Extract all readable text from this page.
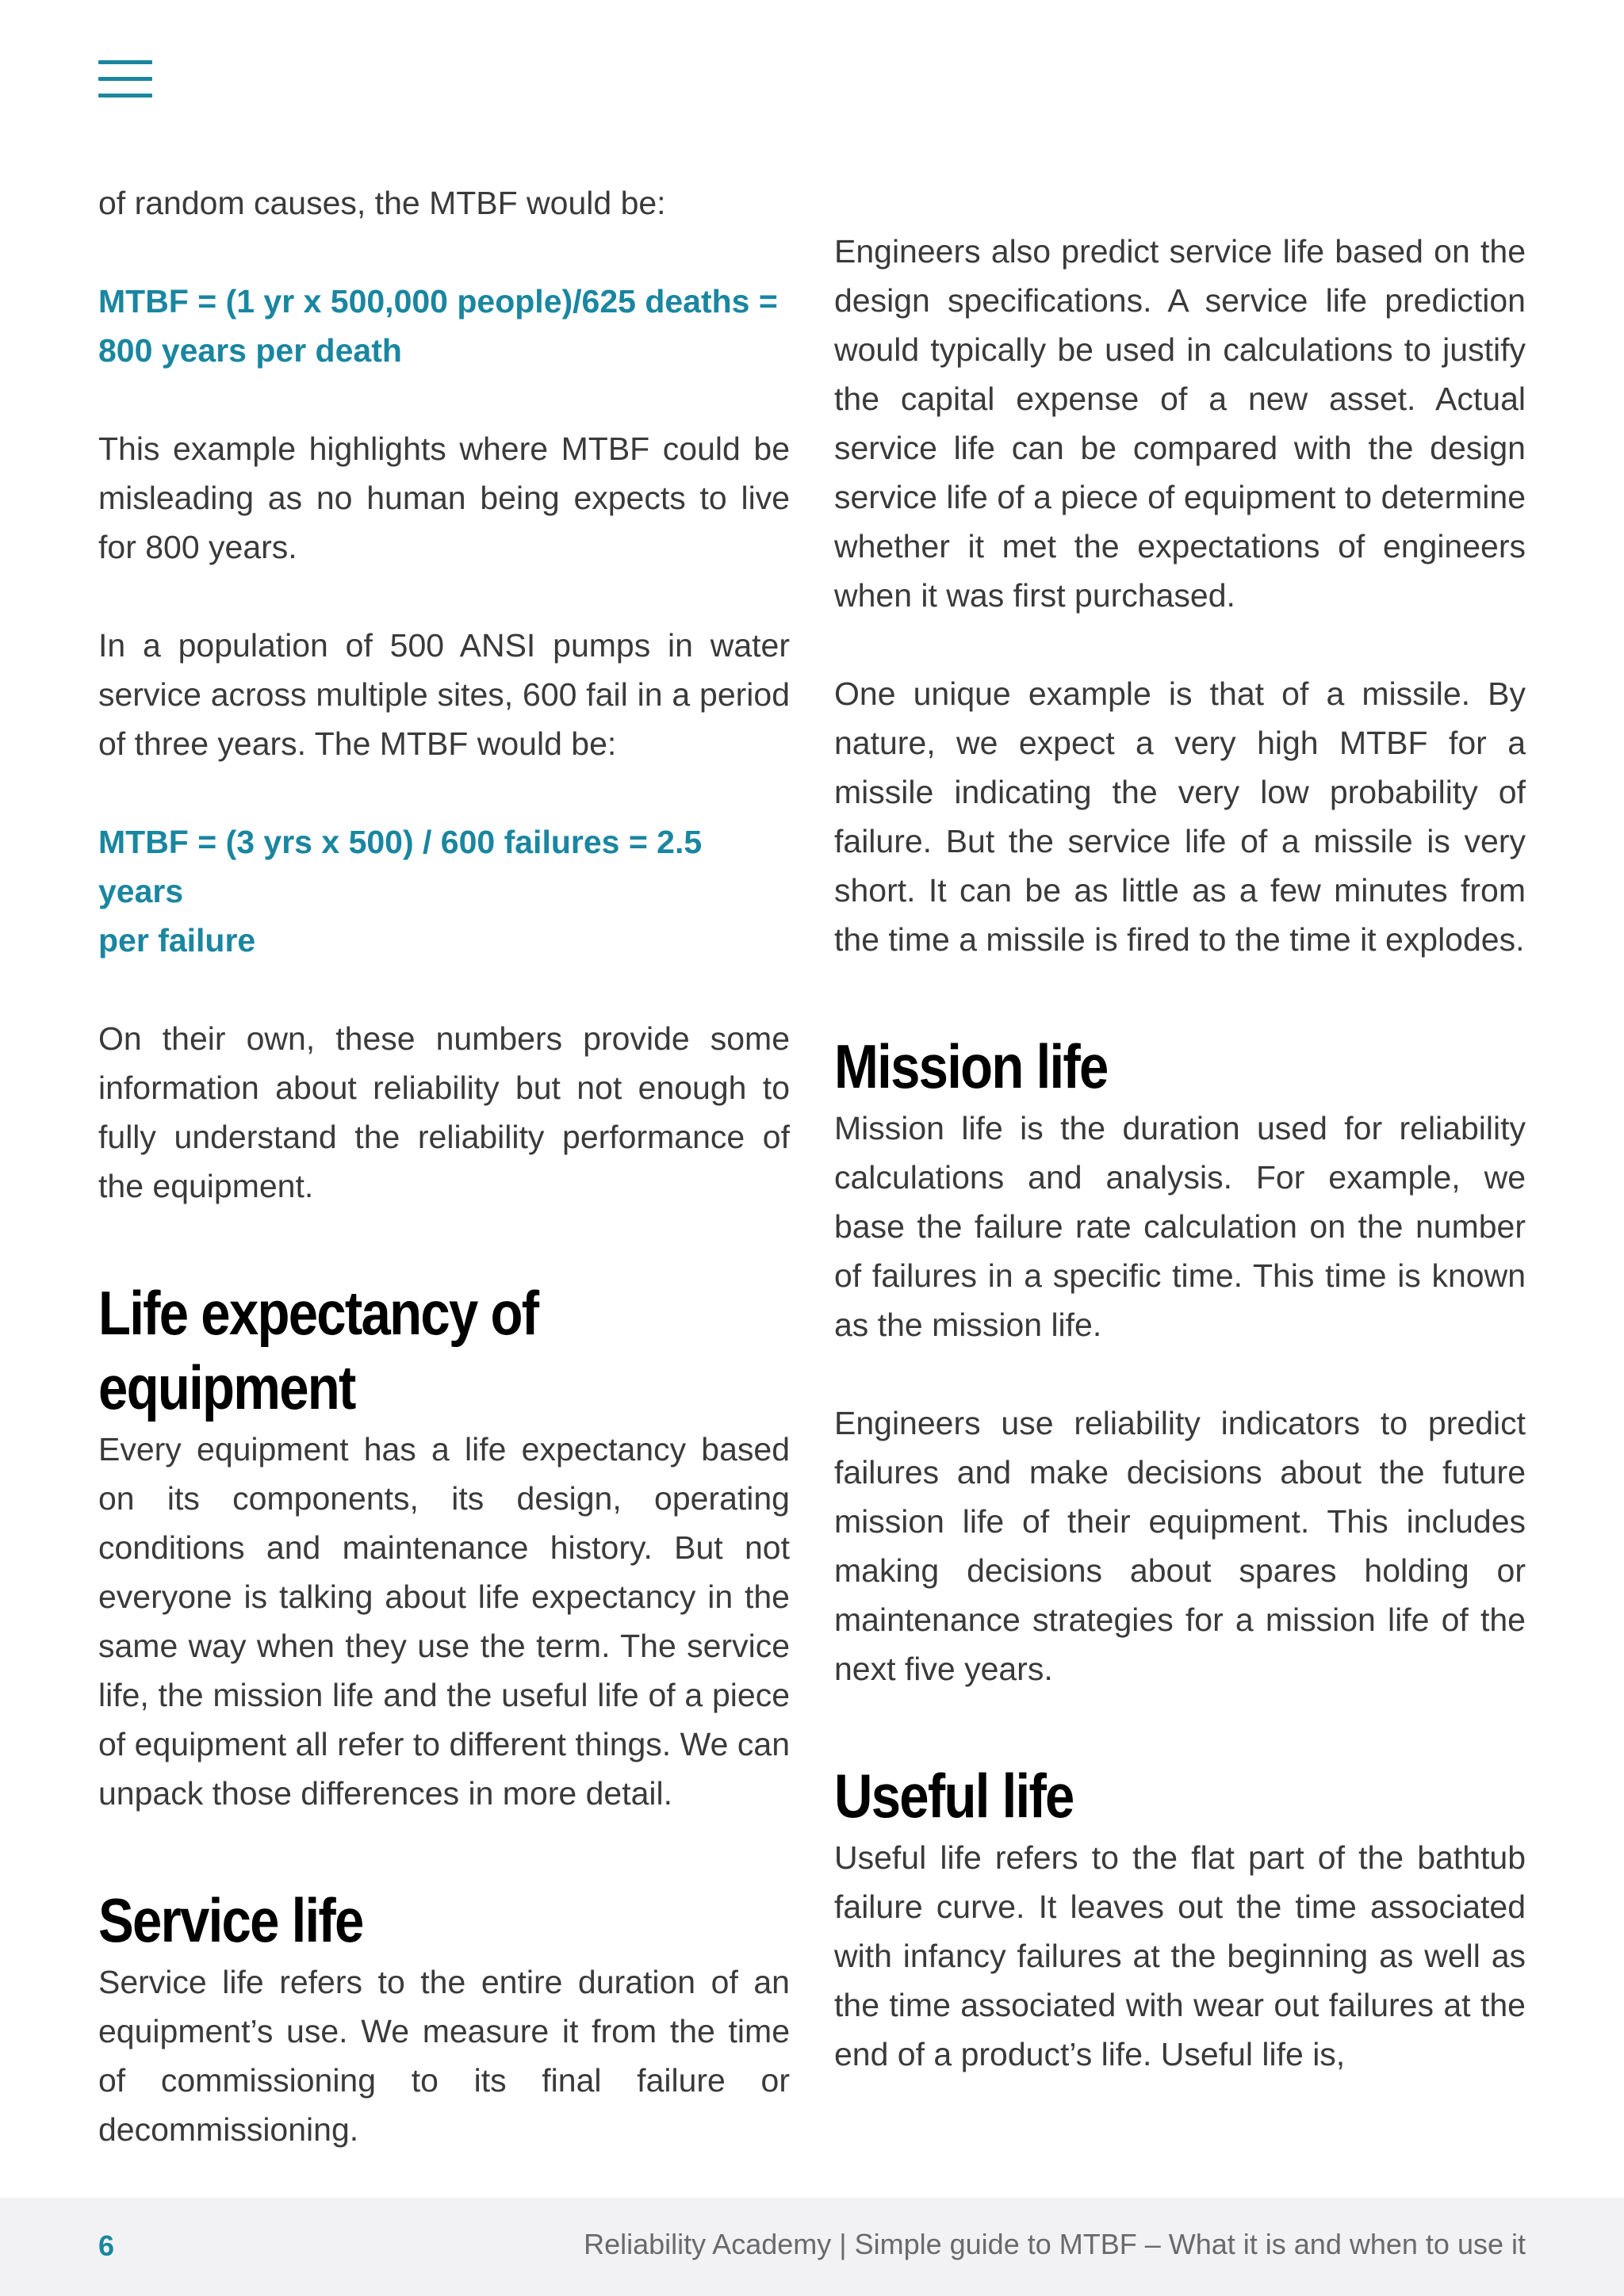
of random causes, the MTBF would be:

MTBF = (1 yr x 500,000 people)/625 deaths =
800 years per death

This example highlights where MTBF could be misleading as no human being expects to live for 800 years.

In a population of 500 ANSI pumps in water service across multiple sites, 600 fail in a period of three years. The MTBF would be:

MTBF = (3 yrs x 500) / 600 failures = 2.5 years
per failure

On their own, these numbers provide some information about reliability but not enough to fully understand the reliability performance of the equipment.

Life expectancy of
equipment

Every equipment has a life expectancy based on its components, its design, operating conditions and maintenance history. But not everyone is talking about life expectancy in the same way when they use the term. The service life, the mission life and the useful life of a piece of equipment all refer to different things. We can unpack those differences in more detail.

Service life

Service life refers to the entire duration of an equipment’s use. We measure it from the time of commissioning to its final failure or decommissioning.

Engineers also predict service life based on the design specifications. A service life prediction would typically be used in calculations to justify the capital expense of a new asset. Actual service life can be compared with the design service life of a piece of equipment to determine whether it met the expectations of engineers when it was first purchased.

One unique example is that of a missile. By nature, we expect a very high MTBF for a missile indicating the very low probability of failure. But the service life of a missile is very short. It can be as little as a few minutes from the time a missile is fired to the time it explodes.

Mission life

Mission life is the duration used for reliability calculations and analysis. For example, we base the failure rate calculation on the number of failures in a specific time. This time is known as the mission life.

Engineers use reliability indicators to predict failures and make decisions about the future mission life of their equipment. This includes making decisions about spares holding or maintenance strategies for a mission life of the next five years.

Useful life

Useful life refers to the flat part of the bathtub failure curve. It leaves out the time associated with infancy failures at the beginning as well as the time associated with wear out failures at the end of a product’s life. Useful life is,

6	Reliability Academy | Simple guide to MTBF – What it is and when to use it
